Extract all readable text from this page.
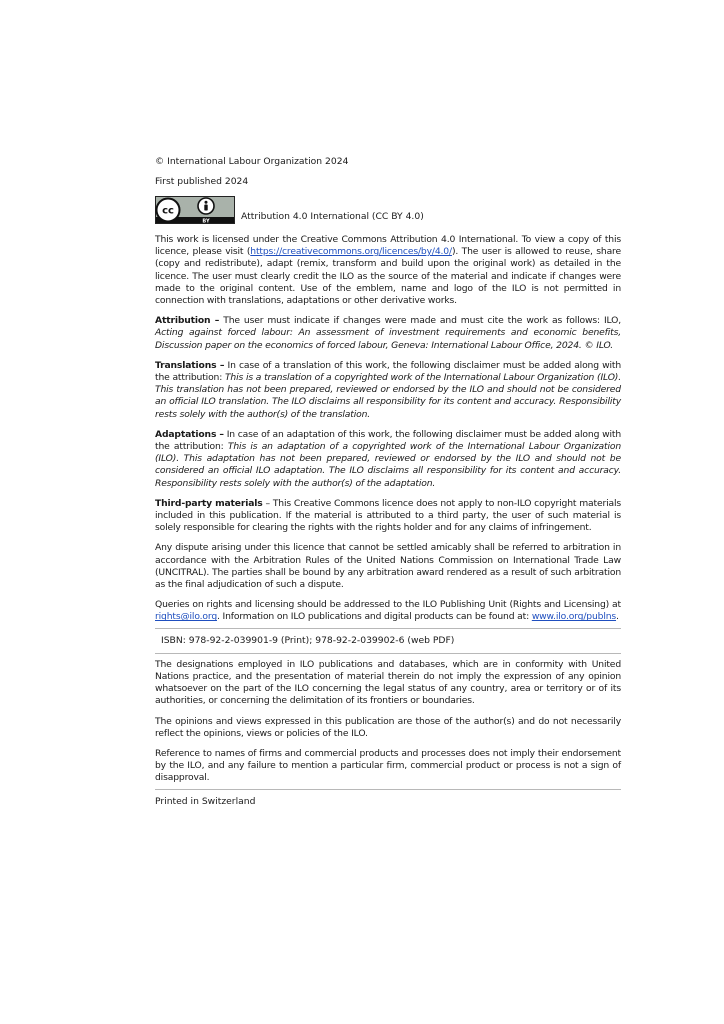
© International Labour Organization 2024

First published 2024

cc
BY	Attribution 4.0 International (CC BY 4.0)

This work is licensed under the Creative Commons Attribution 4.0 International. To view a copy of this licence, please visit (https://creativecommons.org/licences/by/4.0/). The user is allowed to reuse, share (copy and redistribute), adapt (remix, transform and build upon the original work) as detailed in the licence. The user must clearly credit the ILO as the source of the material and indicate if changes were made to the original content. Use of the emblem, name and logo of the ILO is not permitted in connection with translations, adaptations or other derivative works.

Attribution – The user must indicate if changes were made and must cite the work as follows: ILO, Acting against forced labour: An assessment of investment requirements and economic benefits, Discussion paper on the economics of forced labour, Geneva: International Labour Office, 2024. © ILO.

Translations – In case of a translation of this work, the following disclaimer must be added along with the attribution: This is a translation of a copyrighted work of the International Labour Organization (ILO). This translation has not been prepared, reviewed or endorsed by the ILO and should not be considered an official ILO translation. The ILO disclaims all responsibility for its content and accuracy. Responsibility rests solely with the author(s) of the translation.

Adaptations – In case of an adaptation of this work, the following disclaimer must be added along with the attribution: This is an adaptation of a copyrighted work of the International Labour Organization (ILO). This adaptation has not been prepared, reviewed or endorsed by the ILO and should not be considered an official ILO adaptation. The ILO disclaims all responsibility for its content and accuracy. Responsibility rests solely with the author(s) of the adaptation.

Third-party materials – This Creative Commons licence does not apply to non-ILO copyright materials included in this publication. If the material is attributed to a third party, the user of such material is solely responsible for clearing the rights with the rights holder and for any claims of infringement.

Any dispute arising under this licence that cannot be settled amicably shall be referred to arbitration in accordance with the Arbitration Rules of the United Nations Commission on International Trade Law (UNCITRAL). The parties shall be bound by any arbitration award rendered as a result of such arbitration as the final adjudication of such a dispute.

Queries on rights and licensing should be addressed to the ILO Publishing Unit (Rights and Licensing) at rights@ilo.org. Information on ILO publications and digital products can be found at: www.ilo.org/publns.

ISBN: 978-92-2-039901-9 (Print); 978-92-2-039902-6 (web PDF)

The designations employed in ILO publications and databases, which are in conformity with United Nations practice, and the presentation of material therein do not imply the expression of any opinion whatsoever on the part of the ILO concerning the legal status of any country, area or territory or of its authorities, or concerning the delimitation of its frontiers or boundaries.

The opinions and views expressed in this publication are those of the author(s) and do not necessarily reflect the opinions, views or policies of the ILO.

Reference to names of firms and commercial products and processes does not imply their endorsement by the ILO, and any failure to mention a particular firm, commercial product or process is not a sign of disapproval.

Printed in Switzerland
